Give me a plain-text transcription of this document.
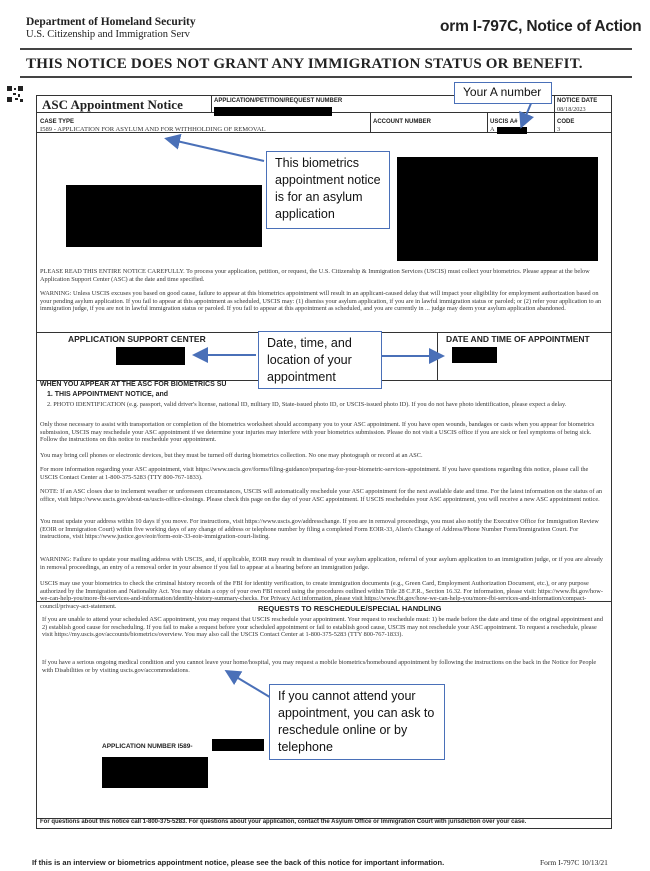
Department of Homeland Security
U.S. Citizenship and Immigration Serv	orm I-797C, Notice of Action
THIS NOTICE DOES NOT GRANT ANY IMMIGRATION STATUS OR BENEFIT.
ASC Appointment Notice	APPLICATION/PETITION/REQUEST NUMBER	NOTICE DATE
08/18/2023
CASE TYPE
I589 - APPLICATION FOR ASYLUM AND FOR WITHHOLDING OF REMOVAL
ACCOUNT NUMBER	USCIS A#
A
CODE
3
PLEASE READ THIS ENTIRE NOTICE CAREFULLY. To process your application, petition, or request, the U.S. Citizenship & Immigration Services (USCIS) must collect your biometrics. Please appear at the below Application Support Center (ASC) at the date and time specified.
WARNING: Unless USCIS excuses you based on good cause, failure to appear at this biometrics appointment will result in an applicant-caused delay that will impact your eligibility for employment authorization based on your pending asylum application. If you fail to appear at this appointment as scheduled, USCIS may: (1) dismiss your asylum application, if you are in lawful immigration status or paroled; or (2) refer your application to an immigration judge, if you are not in lawful immigration status or paroled. If you fail to appear at this appointment as scheduled, and you are currently in ... judge may deem your asylum application abandoned.
APPLICATION SUPPORT CENTER	DATE AND TIME OF APPOINTMENT
WHEN YOU APPEAR AT THE ASC FOR BIOMETRICS SU
1. THIS APPOINTMENT NOTICE, and
2. PHOTO IDENTIFICATION (e.g. passport, valid driver's license, national ID, military ID, State-issued photo ID, or USCIS-issued photo ID). If you do not have photo identification, please expect a delay.
Only those necessary to assist with transportation or completion of the biometrics worksheet should accompany you to your ASC appointment. If you have open wounds, bandages or casts when you appear for biometrics submission, USCIS may reschedule your ASC appointment if we determine your injuries may interfere with your biometrics submission. Please do not visit a USCIS office if you are sick or feel symptoms of being sick. Follow the instructions on this notice to reschedule your appointment.
You may bring cell phones or electronic devices, but they must be turned off during biometrics collection. No one may photograph or record at an ASC.
For more information regarding your ASC appointment, visit https://www.uscis.gov/forms/filing-guidance/preparing-for-your-biometric-services-appointment. If you have questions regarding this notice, please call the USCIS Contact Center at 1-800-375-5283 (TTY 800-767-1833).
NOTE: If an ASC closes due to inclement weather or unforeseen circumstances, USCIS will automatically reschedule your ASC appointment for the next available date and time. For the latest information on the status of an office, visit https://www.uscis.gov/about-us/uscis-office-closings. Please check this page on the day of your ASC appointment. If USCIS reschedules your ASC appointment, you will receive a new ASC appointment notice.
You must update your address within 10 days if you move. For instructions, visit https://www.uscis.gov/addresschange. If you are in removal proceedings, you must also notify the Executive Office for Immigration Review (EOIR or Immigration Court) within five working days of any change of address or telephone number by filing a completed Form EOIR-33, Alien's Change of Address/Phone Number Form/Immigration Court. For instructions, visit https://www.justice.gov/eoir/form-eoir-33-eoir-immigration-court-listing.
WARNING: Failure to update your mailing address with USCIS, and, if applicable, EOIR may result in dismissal of your asylum application, referral of your asylum application to an immigration judge, or if you are already in removal proceedings, an entry of a removal order in your absence if you fail to appear at a hearing before an immigration judge.
USCIS may use your biometrics to check the criminal history records of the FBI for identity verification, to create immigration documents (e.g., Green Card, Employment Authorization Document, etc.), or any purpose authorized by the Immigration and Nationality Act. You may obtain a copy of your own FBI record using the procedures outlined within Title 28 C.F.R., Section 16.32. For information, please visit: https://www.fbi.gov/how-we-can-help-you/more-fbi-services-and-information/identity-history-summary-checks. For Privacy Act information, please visit https://www.fbi.gov/how-we-can-help-you/more-fbi-services-and-information/compact-council/privacy-act-statement.	REQUESTS TO RESCHEDULE/SPECIAL HANDLING
If you are unable to attend your scheduled ASC appointment, you may request that USCIS reschedule your appointment. Your request to reschedule must: 1) be made before the date and time of the original appointment and 2) establish good cause for rescheduling. If you fail to make a request before your scheduled appointment or fail to establish good cause, USCIS may not reschedule your ASC appointment. To request a reschedule, please visit https://my.uscis.gov/accounts/biometrics/overview. You may also call the USCIS Contact Center at 1-800-375-5283 (TTY 800-767-1833).
If you have a serious ongoing medical condition and you cannot leave your home/hospital, you may request a mobile biometrics/homebound appointment by following the instructions on the back in the Notice for People with Disabilities or by visiting uscis.gov/accommodations.
APPLICATION NUMBER I589-
For questions about this notice call 1-800-375-5283. For questions about your application, contact the Asylum Office or Immigration Court with jurisdiction over your case.
If this is an interview or biometrics appointment notice, please see the back of this notice for important information.	Form I-797C 10/13/21
Your A number
This biometrics appointment notice is for an asylum application
Date, time, and location of your appointment
If you cannot attend your appointment, you can ask to reschedule online or by telephone
